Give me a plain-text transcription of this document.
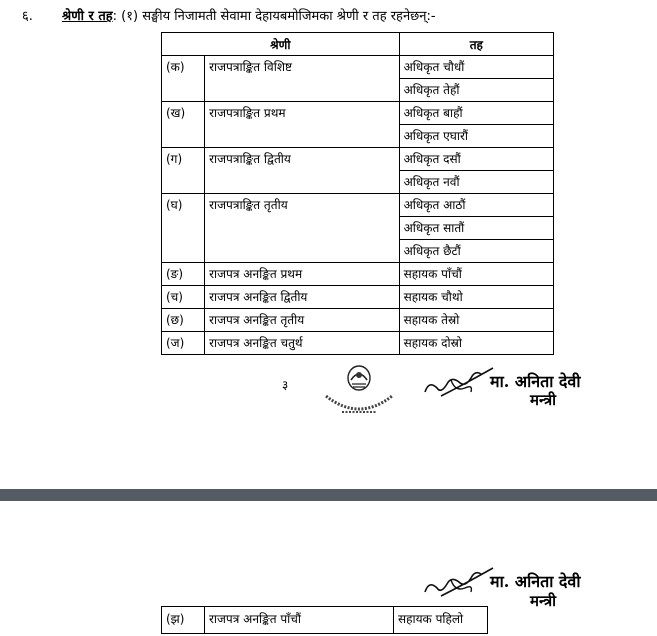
६. श्रेणी र तह: (१) सङ्घीय निजामती सेवामा देहायबमोजिमका श्रेणी र तह रहनेछन्:-
श्रेणी		तह
(क)	राजपत्राङ्कित विशिष्ट	अधिकृत चौधौं
		अधिकृत तेहौं
(ख)	राजपत्राङ्कित प्रथम	अधिकृत बाहौं
		अधिकृत एघारौं
(ग)	राजपत्राङ्कित द्वितीय	अधिकृत दसौं
		अधिकृत नवौं
(घ)	राजपत्राङ्कित तृतीय	अधिकृत आठौं
		अधिकृत सातौं
		अधिकृत छैटौं
(ङ)	राजपत्र अनङ्कित प्रथम	सहायक पाँचौं
(च)	राजपत्र अनङ्कित द्वितीय	सहायक चौथो
(छ)	राजपत्र अनङ्कित तृतीय	सहायक तेस्रो
(ज)	राजपत्र अनङ्कित चतुर्थ	सहायक दोस्रो
३	मा. अनिता देवी
मन्त्री
मा. अनिता देवी
मन्त्री
(झ)	राजपत्र अनङ्कित पाँचौं	सहायक पहिलो
